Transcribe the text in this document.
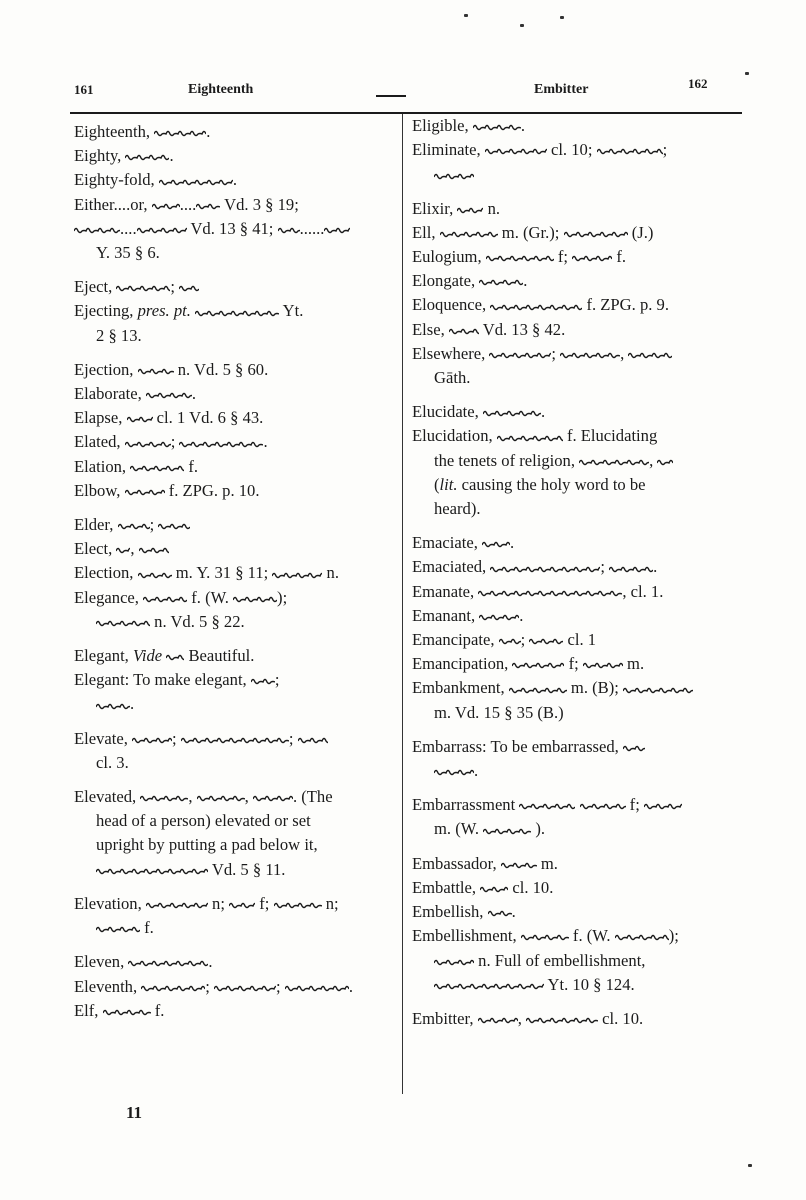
161	Eighteenth	Embitter	162

Eighteenth,	.

Eighty,	.

Eighty-fold,	.

Either....or,
....
Vd. 3 § 19;

....	Vd. 13 § 41;
......

Y. 35 § 6.

Eject,	;

Ejecting, pres. pt.	Yt.

2 § 13.

Ejection,
n. Vd. 5 § 60.

Elaborate,	.

Elapse,
cl. 1 Vd. 6 § 43.

Elated,	;	.

Elation,	f.

Elbow,
f. ZPG. p. 10.

Elder,
;

Elect,
,

Election,
m. Y. 31 § 11;	n.

Elegance,	f. (W.	);

n. Vd. 5 § 22.

Elegant, Vide
Beautiful.

Elegant: To make elegant,
;

.

Elevate,
;	;

cl. 3.

Elevated,	,	,
. (The

head of a person) elevated or set

upright by putting a pad below it,

Vd. 5 § 11.

Elevation,	n;
f;	n;

f.

Eleven,	.

Eleventh,	;	;	.

Elf,	f.

Eligible,	.

Eliminate,	cl. 10;	;

Elixir,
n.

Ell,	m. (Gr.);	(J.)

Eulogium,	f;
f.

Elongate,	.

Eloquence,	f. ZPG. p. 9.

Else,
Vd. 13 § 42.

Elsewhere,	;	,

Gāth.

Elucidate,	.

Elucidation,	f. Elucidating

the tenets of religion,	,

(lit. causing the holy word to be

heard).

Emaciate,
.

Emaciated,	;	.

Emanate,	, cl. 1.

Emanant,
.

Emancipate,
;
cl. 1

Emancipation,	f;
m.

Embankment,	m. (B);

m. Vd. 15 § 35 (B.)

Embarrass: To be embarrassed,

.

Embarrassment
	f;

m. (W.	).

Embassador,
m.

Embattle,
cl. 10.

Embellish,
.

Embellishment,	f. (W.	);

n. Full of embellishment,

Yt. 10 § 124.

Embitter,
,	cl. 10.

11
